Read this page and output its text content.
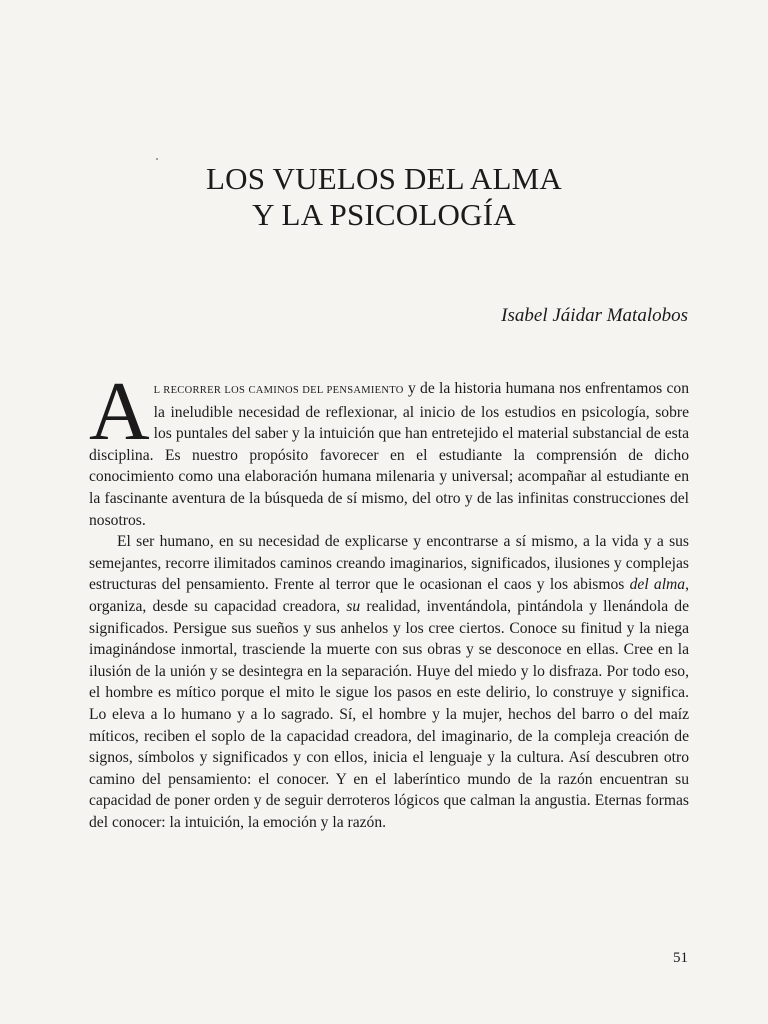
LOS VUELOS DEL ALMA
Y LA PSICOLOGÍA
Isabel Jáidar Matalobos

A L RECORRER LOS CAMINOS DEL PENSAMIENTO y de la historia humana nos enfrentamos con la ineludible necesidad de reflexionar, al inicio de los estudios en psicología, sobre los puntales del saber y la intuición que han entretejido el material substancial de esta disciplina. Es nuestro propósito favorecer en el estudiante la comprensión de dicho conocimiento como una elaboración humana milenaria y universal; acompañar al estudiante en la fascinante aventura de la búsqueda de sí mismo, del otro y de las infinitas construcciones del nosotros.

El ser humano, en su necesidad de explicarse y encontrarse a sí mismo, a la vida y a sus semejantes, recorre ilimitados caminos creando imaginarios, significados, ilusiones y complejas estructuras del pensamiento. Frente al terror que le ocasionan el caos y los abismos del alma, organiza, desde su capacidad creadora, su realidad, inventándola, pintándola y llenándola de significados. Persigue sus sueños y sus anhelos y los cree ciertos. Conoce su finitud y la niega imaginándose inmortal, trasciende la muerte con sus obras y se desconoce en ellas. Cree en la ilusión de la unión y se desintegra en la separación. Huye del miedo y lo disfraza. Por todo eso, el hombre es mítico porque el mito le sigue los pasos en este delirio, lo construye y significa. Lo eleva a lo humano y a lo sagrado. Sí, el hombre y la mujer, hechos del barro o del maíz míticos, reciben el soplo de la capacidad creadora, del imaginario, de la compleja creación de signos, símbolos y significados y con ellos, inicia el lenguaje y la cultura. Así descubren otro camino del pensamiento: el conocer. Y en el laberíntico mundo de la razón encuentran su capacidad de poner orden y de seguir derroteros lógicos que calman la angustia. Eternas formas del conocer: la intuición, la emoción y la razón.

51
